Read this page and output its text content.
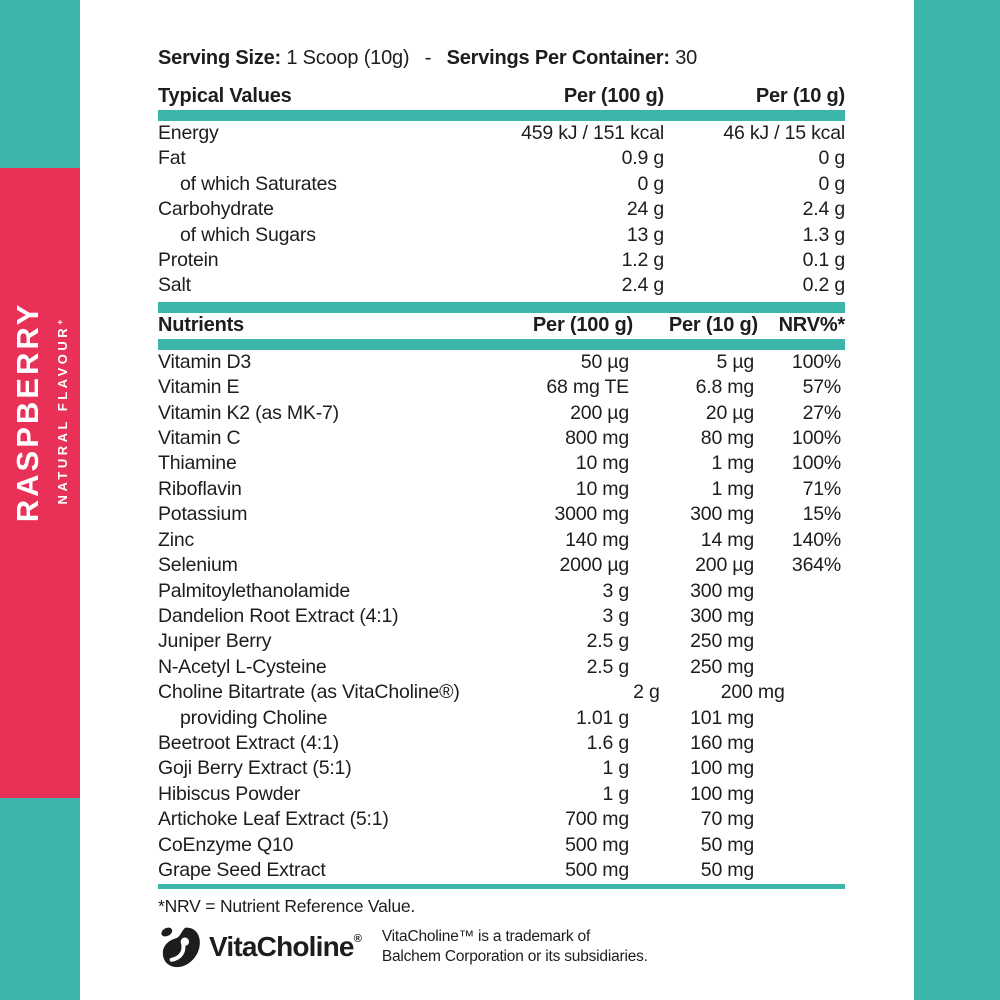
RASPBERRY NATURAL FLAVOUR+
Serving Size: 1 Scoop (10g) - Servings Per Container: 30
Typical Values	Per (100 g)	Per (10 g)
Energy	459 kJ / 151 kcal	46 kJ / 15 kcal
Fat	0.9 g	0 g
of which Saturates	0 g	0 g
Carbohydrate	24 g	2.4 g
of which Sugars	13 g	1.3 g
Protein	1.2 g	0.1 g
Salt	2.4 g	0.2 g
Nutrients	Per (100 g)	Per (10 g)	NRV%*
Vitamin D3	50 µg	5 µg	100%
Vitamin E	68 mg TE	6.8 mg	57%
Vitamin K2 (as MK-7)	200 µg	20 µg	27%
Vitamin C	800 mg	80 mg	100%
Thiamine	10 mg	1 mg	100%
Riboflavin	10 mg	1 mg	71%
Potassium	3000 mg	300 mg	15%
Zinc	140 mg	14 mg	140%
Selenium	2000 µg	200 µg	364%
Palmitoylethanolamide	3 g	300 mg
Dandelion Root Extract (4:1)	3 g	300 mg
Juniper Berry	2.5 g	250 mg
N-Acetyl L-Cysteine	2.5 g	250 mg
Choline Bitartrate (as VitaCholine®)	2 g	200 mg
providing Choline	1.01 g	101 mg
Beetroot Extract (4:1)	1.6 g	160 mg
Goji Berry Extract (5:1)	1 g	100 mg
Hibiscus Powder	1 g	100 mg
Artichoke Leaf Extract (5:1)	700 mg	70 mg
CoEnzyme Q10	500 mg	50 mg
Grape Seed Extract	500 mg	50 mg
*NRV = Nutrient Reference Value.
VitaCholine® VitaCholine™ is a trademark of
Balchem Corporation or its subsidiaries.
